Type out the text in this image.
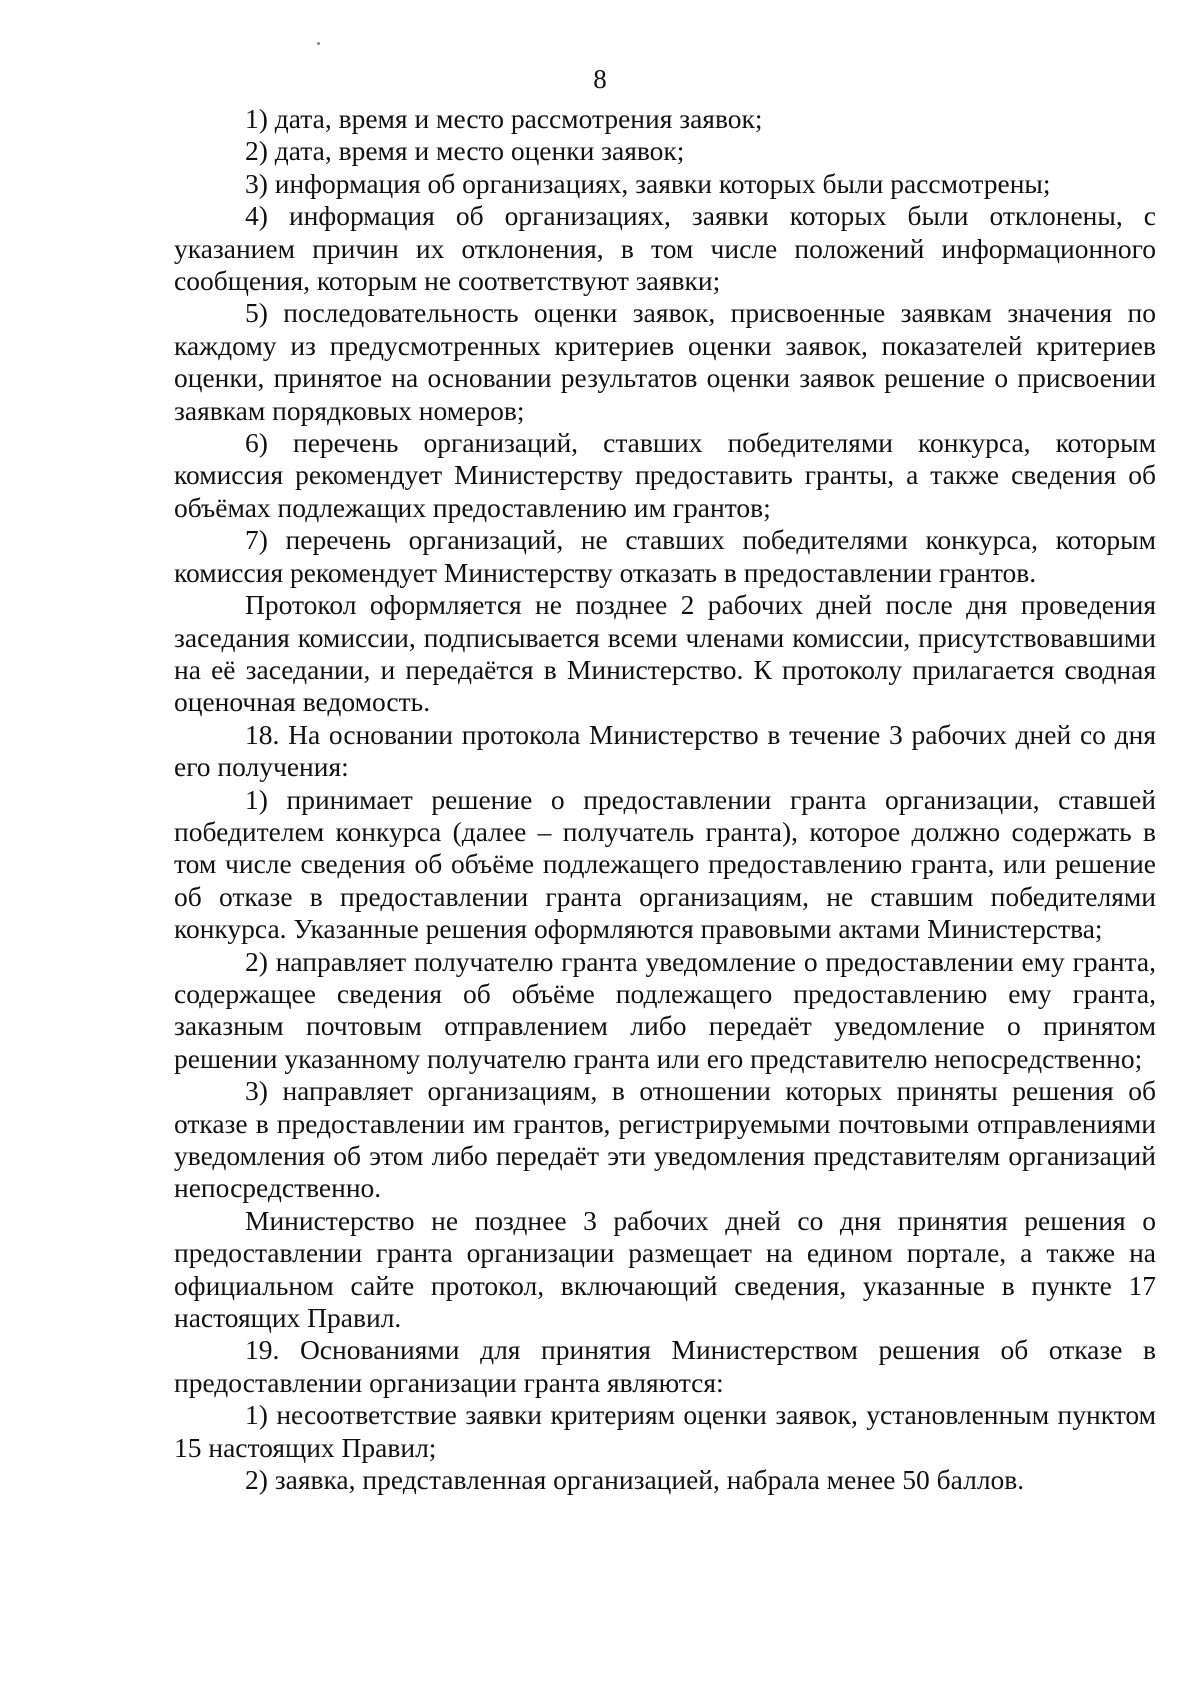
8

1) дата, время и место рассмотрения заявок;

2) дата, время и место оценки заявок;

3) информация об организациях, заявки которых были рассмотрены;

4) информация об организациях, заявки которых были отклонены, с указанием причин их отклонения, в том числе положений информационного сообщения, которым не соответствуют заявки;

5) последовательность оценки заявок, присвоенные заявкам значения по каждому из предусмотренных критериев оценки заявок, показателей критериев оценки, принятое на основании результатов оценки заявок решение о присвоении заявкам порядковых номеров;

6) перечень организаций, ставших победителями конкурса, которым комиссия рекомендует Министерству предоставить гранты, а также сведения об объёмах подлежащих предоставлению им грантов;

7) перечень организаций, не ставших победителями конкурса, которым комиссия рекомендует Министерству отказать в предоставлении грантов.

Протокол оформляется не позднее 2 рабочих дней после дня проведения заседания комиссии, подписывается всеми членами комиссии, присутствовавшими на её заседании, и передаётся в Министерство. К протоколу прилагается сводная оценочная ведомость.

18. На основании протокола Министерство в течение 3 рабочих дней со дня его получения:

1) принимает решение о предоставлении гранта организации, ставшей победителем конкурса (далее – получатель гранта), которое должно содержать в том числе сведения об объёме подлежащего предоставлению гранта, или решение об отказе в предоставлении гранта организациям, не ставшим победителями конкурса. Указанные решения оформляются правовыми актами Министерства;

2) направляет получателю гранта уведомление о предоставлении ему гранта, содержащее сведения об объёме подлежащего предоставлению ему гранта, заказным почтовым отправлением либо передаёт уведомление о принятом решении указанному получателю гранта или его представителю непосредственно;

3) направляет организациям, в отношении которых приняты решения об отказе в предоставлении им грантов, регистрируемыми почтовыми отправлениями уведомления об этом либо передаёт эти уведомления представителям организаций непосредственно.

Министерство не позднее 3 рабочих дней со дня принятия решения о предоставлении гранта организации размещает на едином портале, а также на официальном сайте протокол, включающий сведения, указанные в пункте 17 настоящих Правил.

19. Основаниями для принятия Министерством решения об отказе в предоставлении организации гранта являются:

1) несоответствие заявки критериям оценки заявок, установленным пунктом 15 настоящих Правил;

2) заявка, представленная организацией, набрала менее 50 баллов.
